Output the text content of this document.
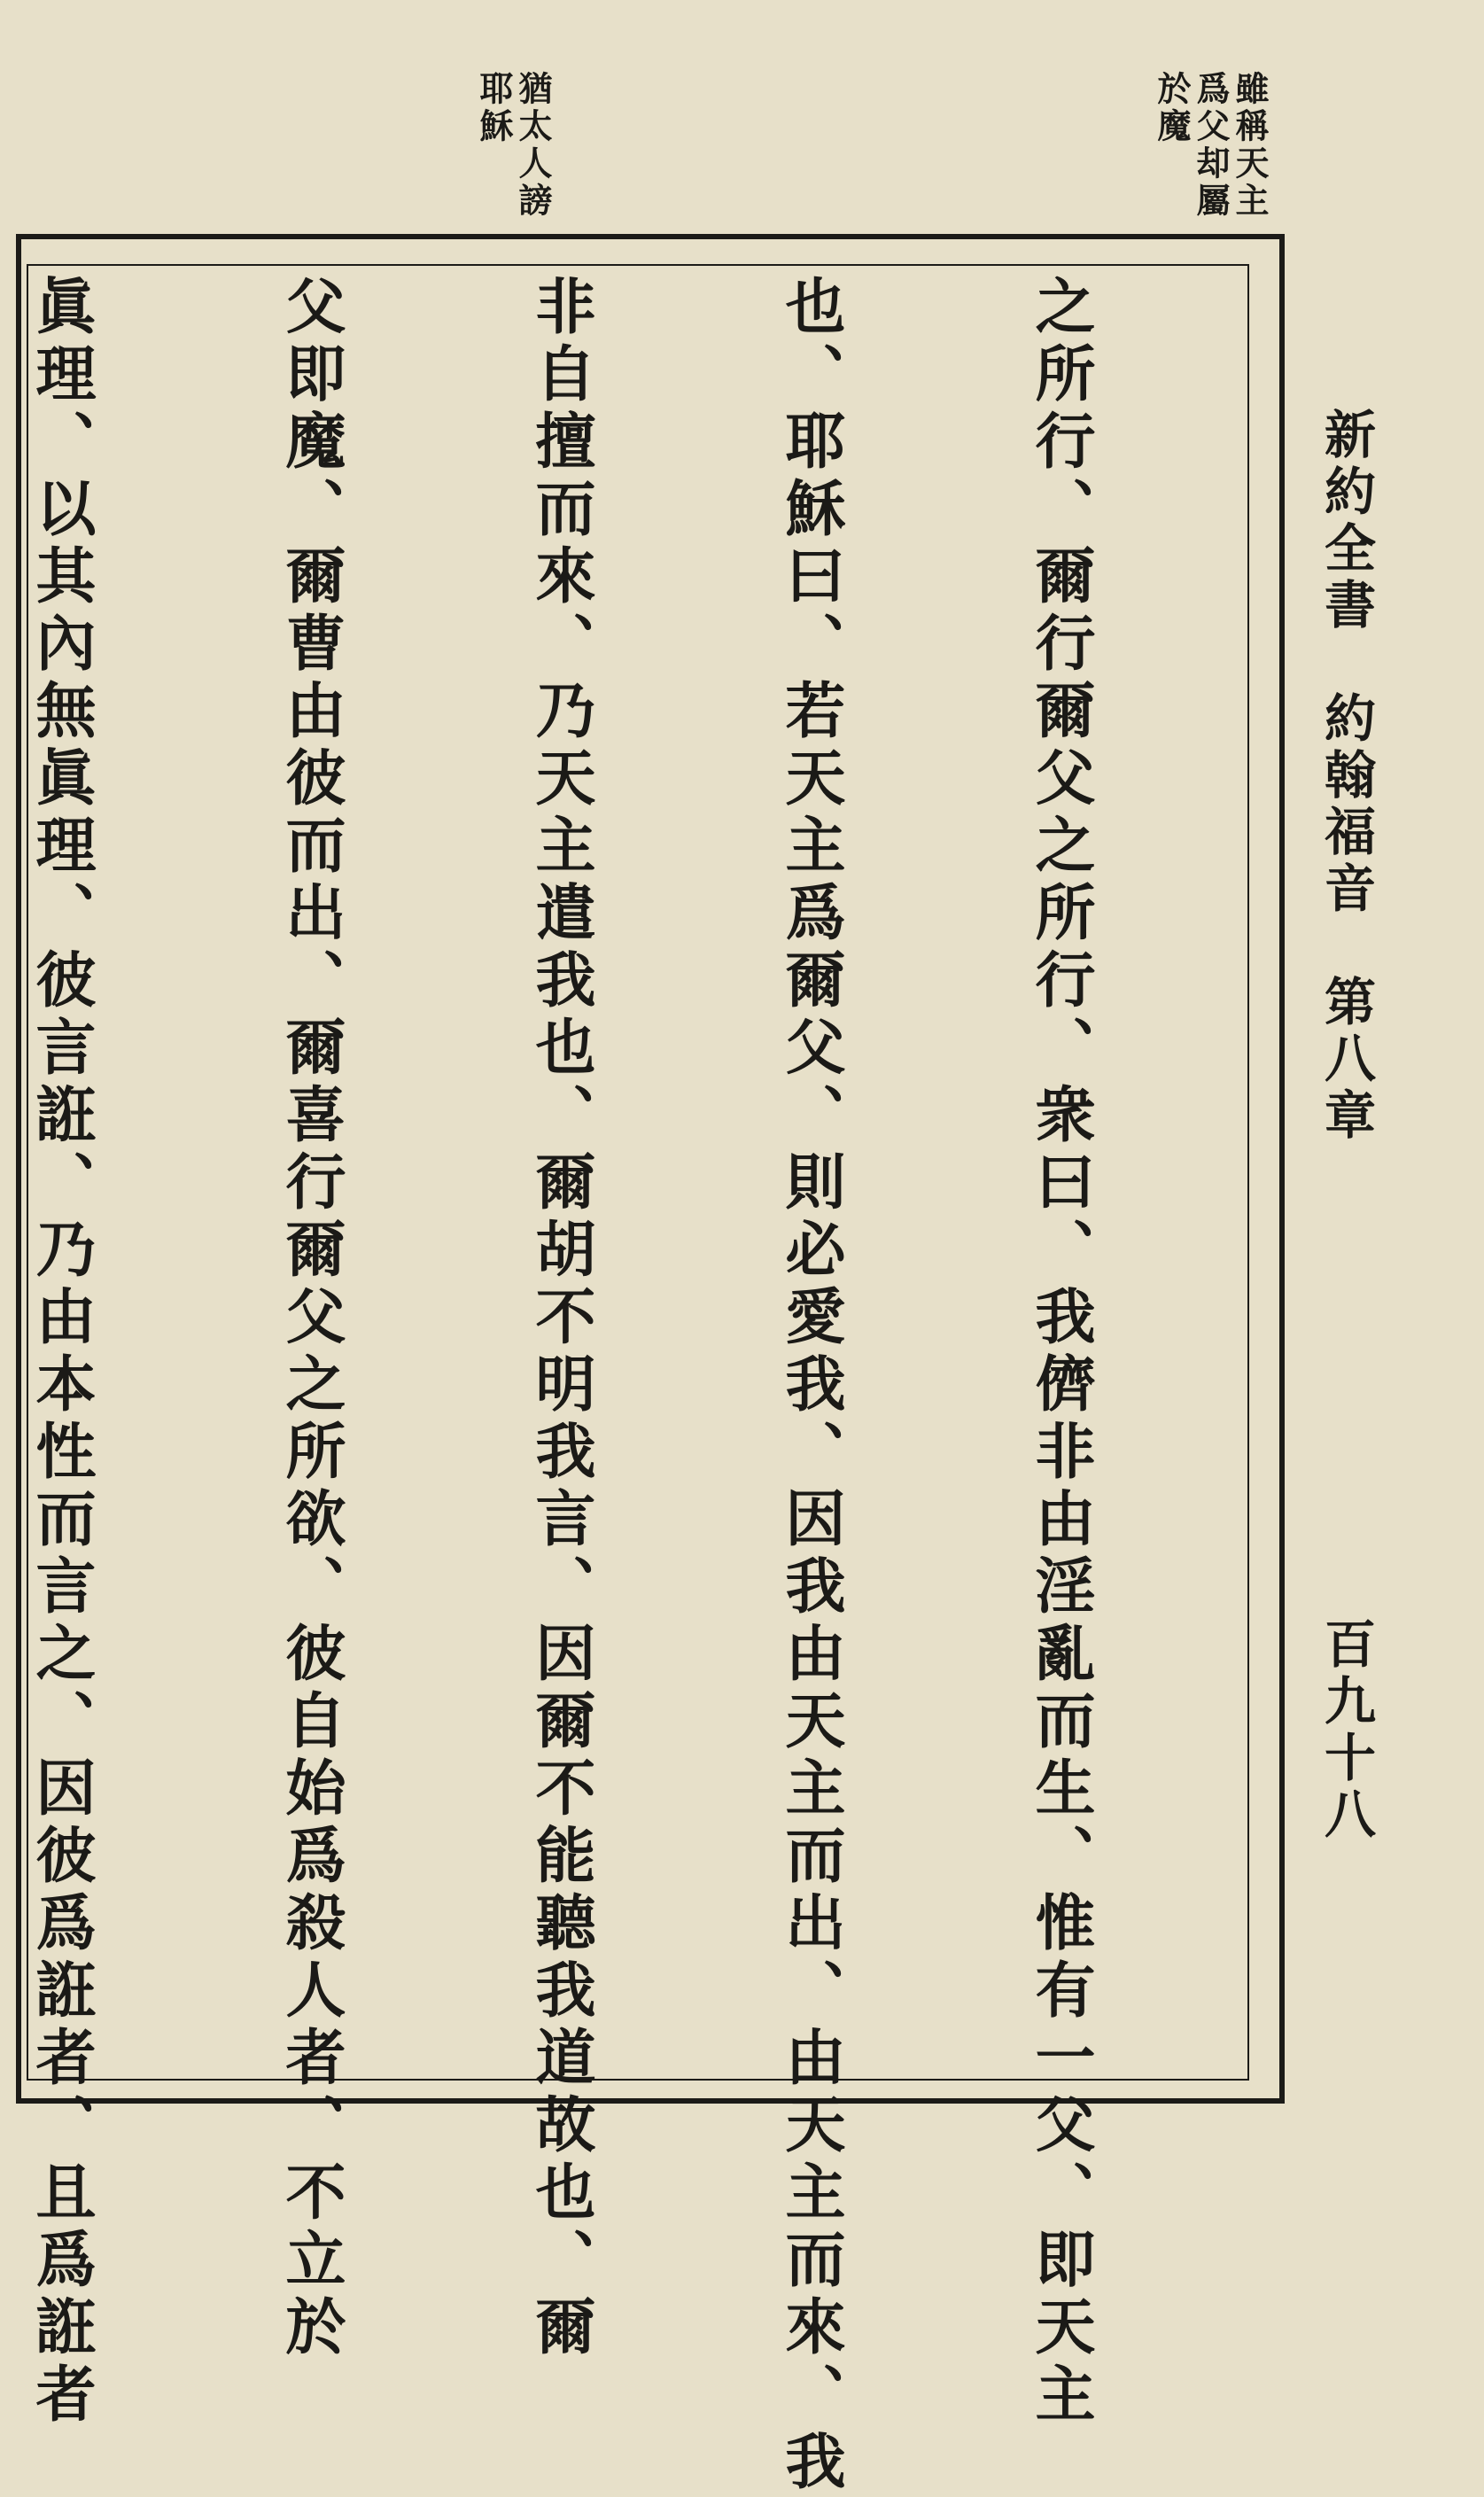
雖稱天主
爲父却屬
於魔
猶太人謗
耶穌
新約全書　約翰福音　第八章
百九十八

之所行、爾行爾父之所行、衆曰、我儕非由淫亂而生、惟有一父、即天主

也、耶穌曰、若天主爲爾父、則必愛我、因我由天主而出、由天主而來、我

非自擅而來、乃天主遣我也、爾胡不明我言、因爾不能聽我道故也、爾

父即魔、爾曹由彼而出、爾喜行爾父之所欲、彼自始爲殺人者、不立於

眞理、以其內無眞理、彼言誑、乃由本性而言之、因彼爲誑者、且爲誑者
